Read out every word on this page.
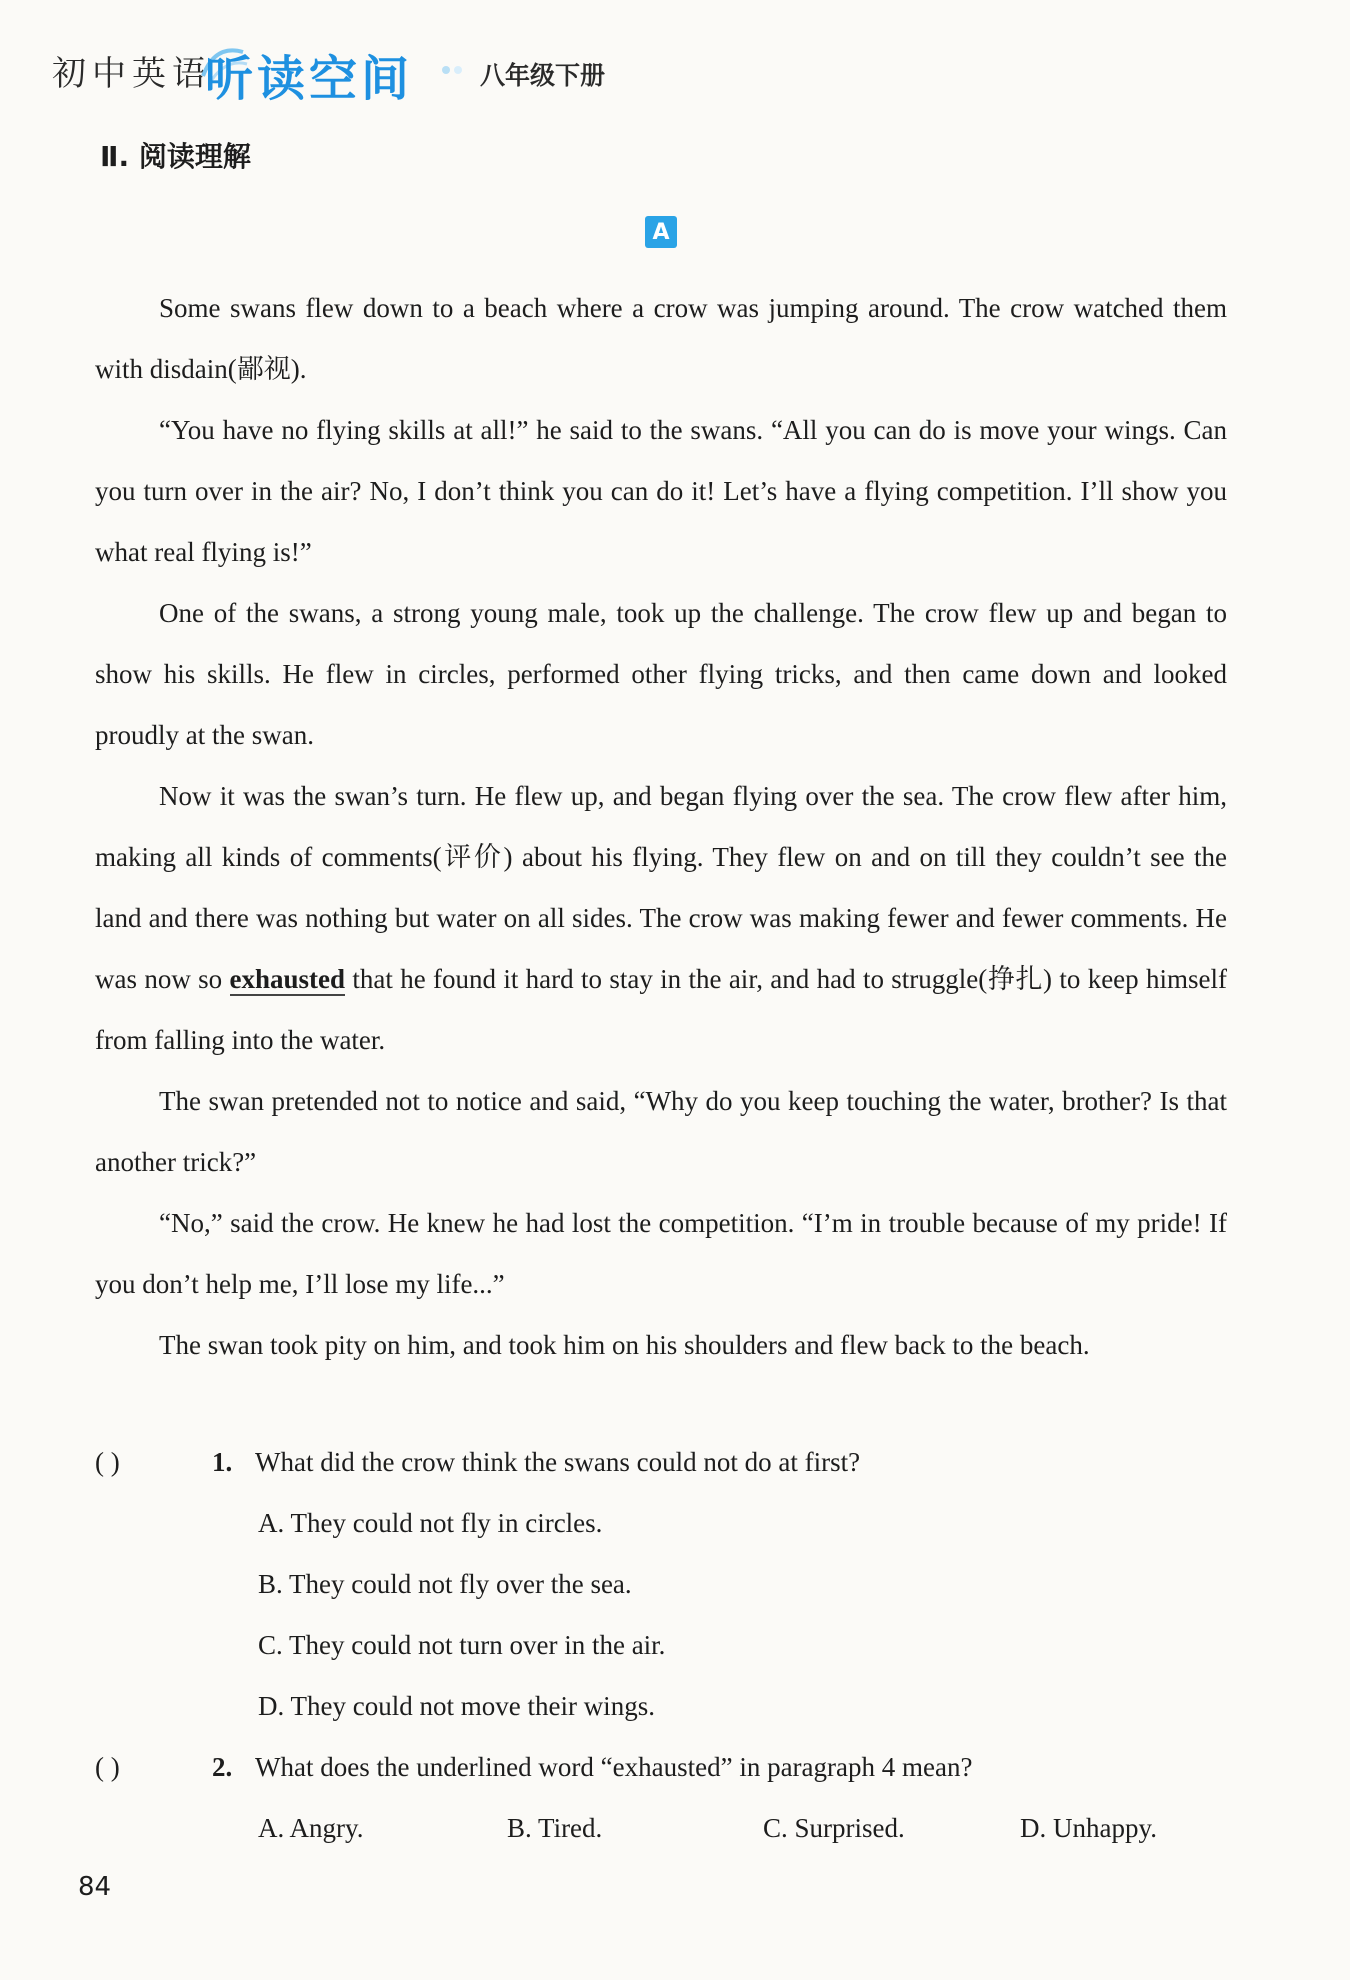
初中英语
听读空间	八年级下册
Ⅱ. 阅读理解
A

Some swans flew down to a beach where a crow was jumping around. The crow watched them with disdain(鄙视).

“You have no flying skills at all!” he said to the swans. “All you can do is move your wings. Can you turn over in the air? No, I don’t think you can do it! Let’s have a flying competition. I’ll show you what real flying is!”

One of the swans, a strong young male, took up the challenge. The crow flew up and began to show his skills. He flew in circles, performed other flying tricks, and then came down and looked proudly at the swan.

Now it was the swan’s turn. He flew up, and began flying over the sea. The crow flew after him, making all kinds of comments(评价) about his flying. They flew on and on till they couldn’t see the land and there was nothing but water on all sides. The crow was making fewer and fewer comments. He was now so exhausted that he found it hard to stay in the air, and had to struggle(挣扎) to keep himself from falling into the water.

The swan pretended not to notice and said, “Why do you keep touching the water, brother? Is that another trick?”

“No,” said the crow. He knew he had lost the competition. “I’m in trouble because of my pride! If you don’t help me, I’ll lose my life...”

The swan took pity on him, and took him on his shoulders and flew back to the beach.

( )	1. What did the crow think the swans could not do at first?
A. They could not fly in circles.
B. They could not fly over the sea.
C. They could not turn over in the air.
D. They could not move their wings.
( )	2. What does the underlined word “exhausted” in paragraph 4 mean?
A. Angry.	B. Tired.	C. Surprised.	D. Unhappy.
84
